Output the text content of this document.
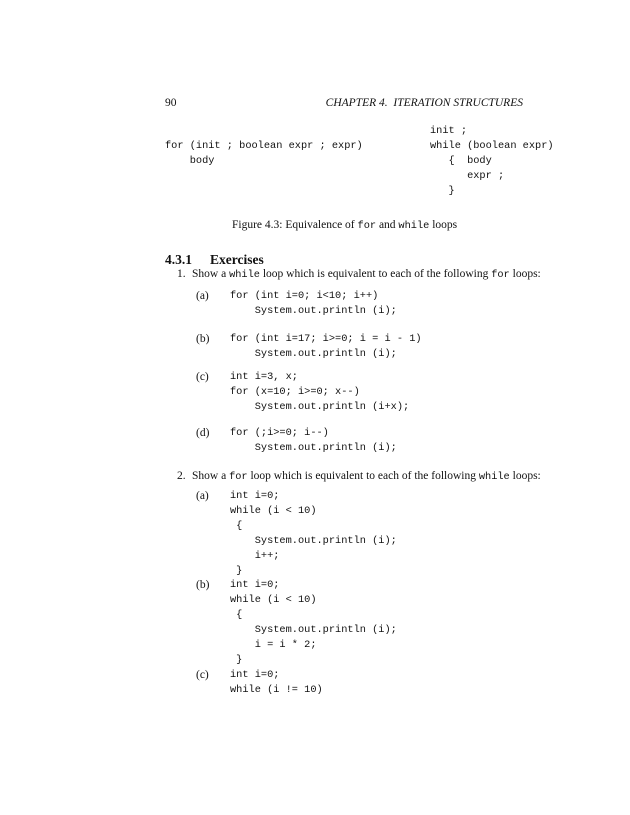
90	CHAPTER 4.  ITERATION STRUCTURES
for (init ; boolean expr ; expr)
body
init ;
while (boolean expr)
{  body
expr ;
}
Figure 4.3: Equivalence of for and while loops
4.3.1 Exercises
1. Show a while loop which is equivalent to each of the following for loops:
(a) for (int i=0; i<10; i++)
System.out.println (i);
(b) for (int i=17; i>=0; i = i - 1)
System.out.println (i);
(c) int i=3, x;
for (x=10; i>=0; x--)
System.out.println (i+x);
(d) for (;i>=0; i--)
System.out.println (i);
2. Show a for loop which is equivalent to each of the following while loops:
(a) int i=0;
while (i < 10)
{
System.out.println (i);
i++;
}
(b) int i=0;
while (i < 10)
{
System.out.println (i);
i = i * 2;
}
(c) int i=0;
while (i != 10)
